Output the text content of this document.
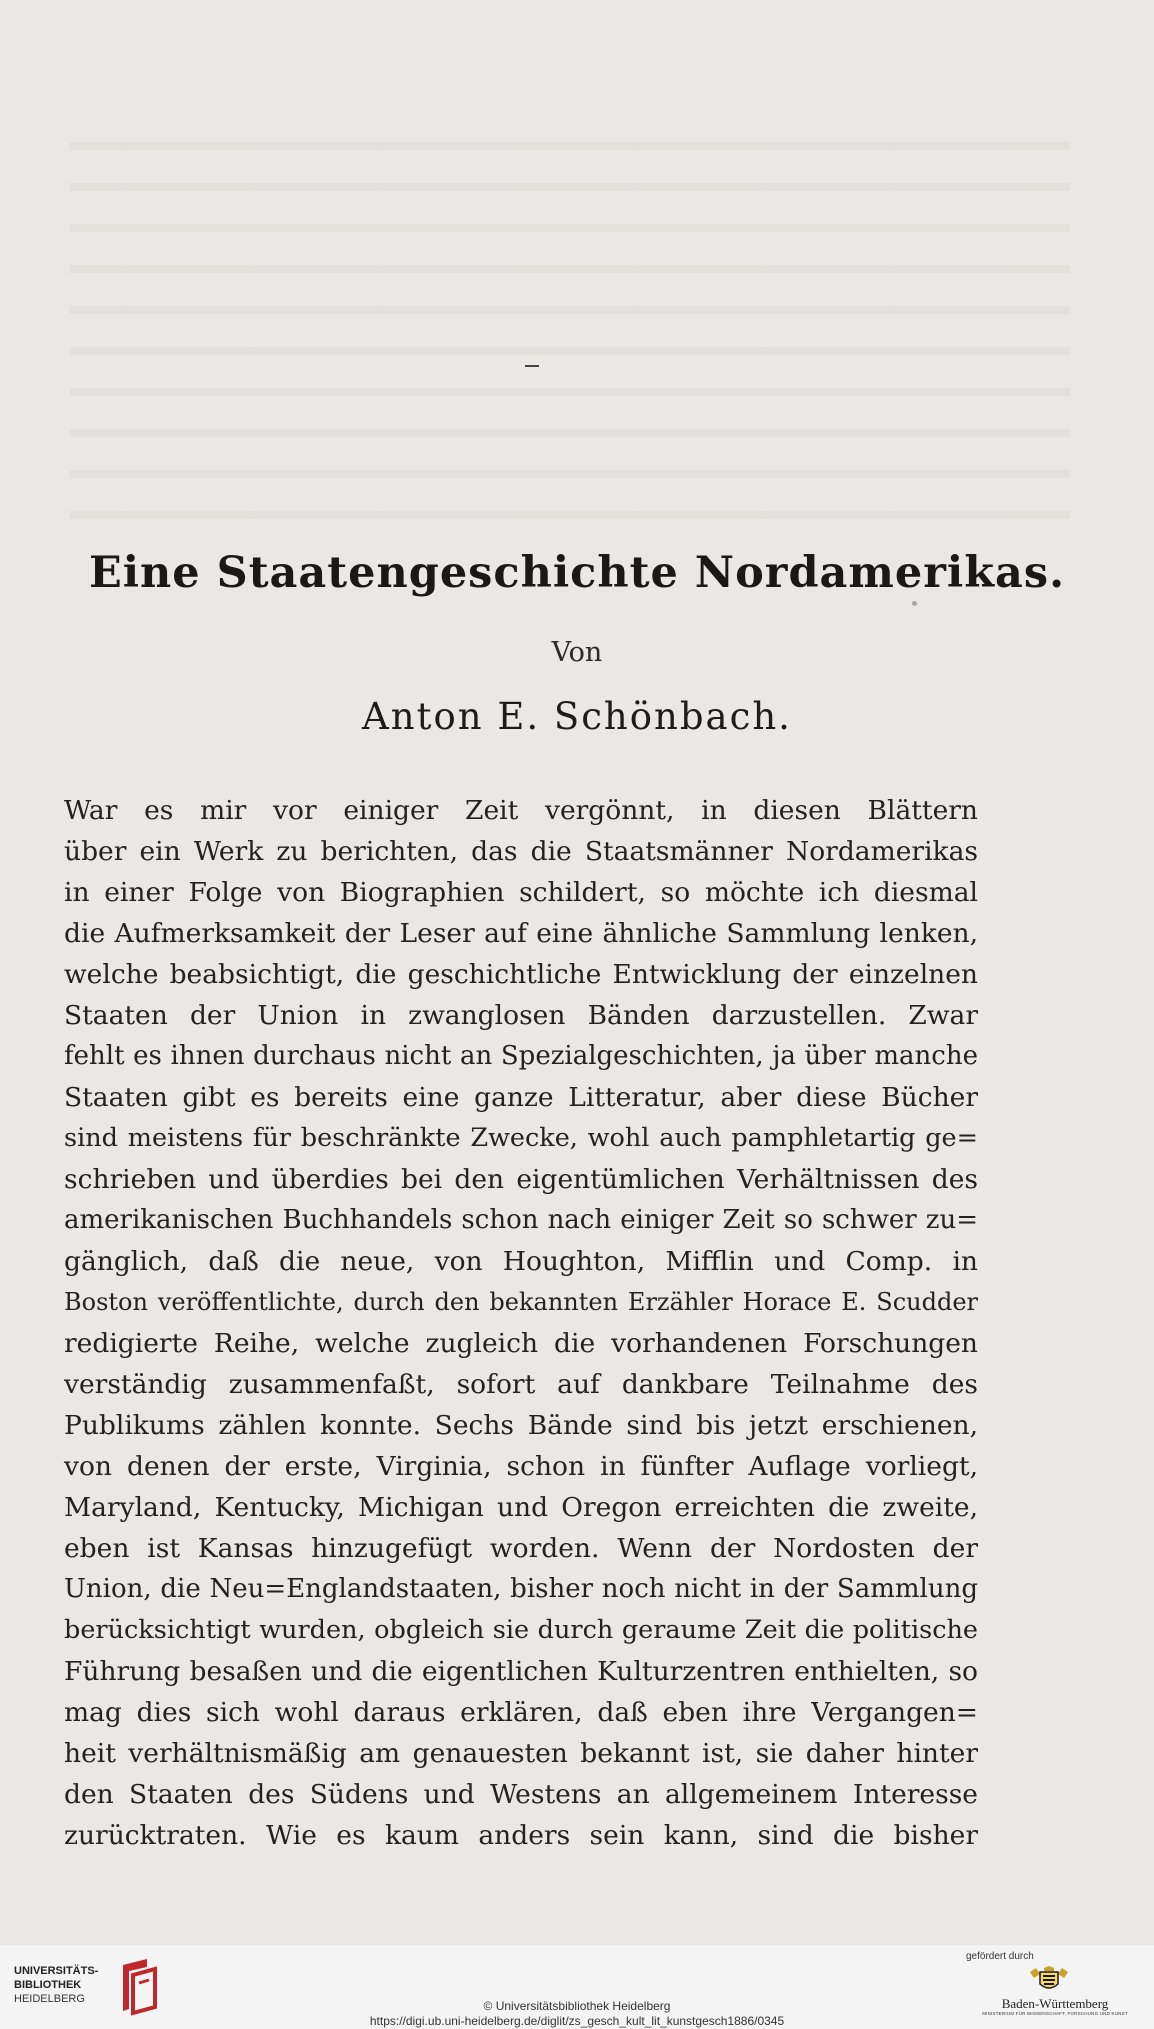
Eine Staatengeschichte Nordamerikas.
Von
Anton E. Schönbach.
War es mir vor einiger Zeit vergönnt, in diesen Blättern
über ein Werk zu berichten, das die Staatsmänner Nordamerikas
in einer Folge von Biographien schildert, so möchte ich diesmal
die Aufmerksamkeit der Leser auf eine ähnliche Sammlung lenken,
welche beabsichtigt, die geschichtliche Entwicklung der einzelnen
Staaten der Union in zwanglosen Bänden darzustellen. Zwar
fehlt es ihnen durchaus nicht an Spezialgeschichten, ja über manche
Staaten gibt es bereits eine ganze Litteratur, aber diese Bücher
sind meistens für beschränkte Zwecke, wohl auch pamphletartig ge=
schrieben und überdies bei den eigentümlichen Verhältnissen des
amerikanischen Buchhandels schon nach einiger Zeit so schwer zu=
gänglich, daß die neue, von Houghton, Mifflin und Comp. in
Boston veröffentlichte, durch den bekannten Erzähler Horace E. Scudder
redigierte Reihe, welche zugleich die vorhandenen Forschungen
verständig zusammenfaßt, sofort auf dankbare Teilnahme des
Publikums zählen konnte. Sechs Bände sind bis jetzt erschienen,
von denen der erste, Virginia, schon in fünfter Auflage vorliegt,
Maryland, Kentucky, Michigan und Oregon erreichten die zweite,
eben ist Kansas hinzugefügt worden. Wenn der Nordosten der
Union, die Neu=Englandstaaten, bisher noch nicht in der Sammlung
berücksichtigt wurden, obgleich sie durch geraume Zeit die politische
Führung besaßen und die eigentlichen Kulturzentren enthielten, so
mag dies sich wohl daraus erklären, daß eben ihre Vergangen=
heit verhältnismäßig am genauesten bekannt ist, sie daher hinter
den Staaten des Südens und Westens an allgemeinem Interesse
zurücktraten. Wie es kaum anders sein kann, sind die bisher
UNIVERSITÄTS-
BIBLIOTHEK
HEIDELBERG	© Universitätsbibliothek Heidelberg
https://digi.ub.uni-heidelberg.de/diglit/zs_gesch_kult_lit_kunstgesch1886/0345
gefördert durch
Baden-Württemberg
MINISTERIUM FÜR WISSENSCHAFT, FORSCHUNG UND KUNST
